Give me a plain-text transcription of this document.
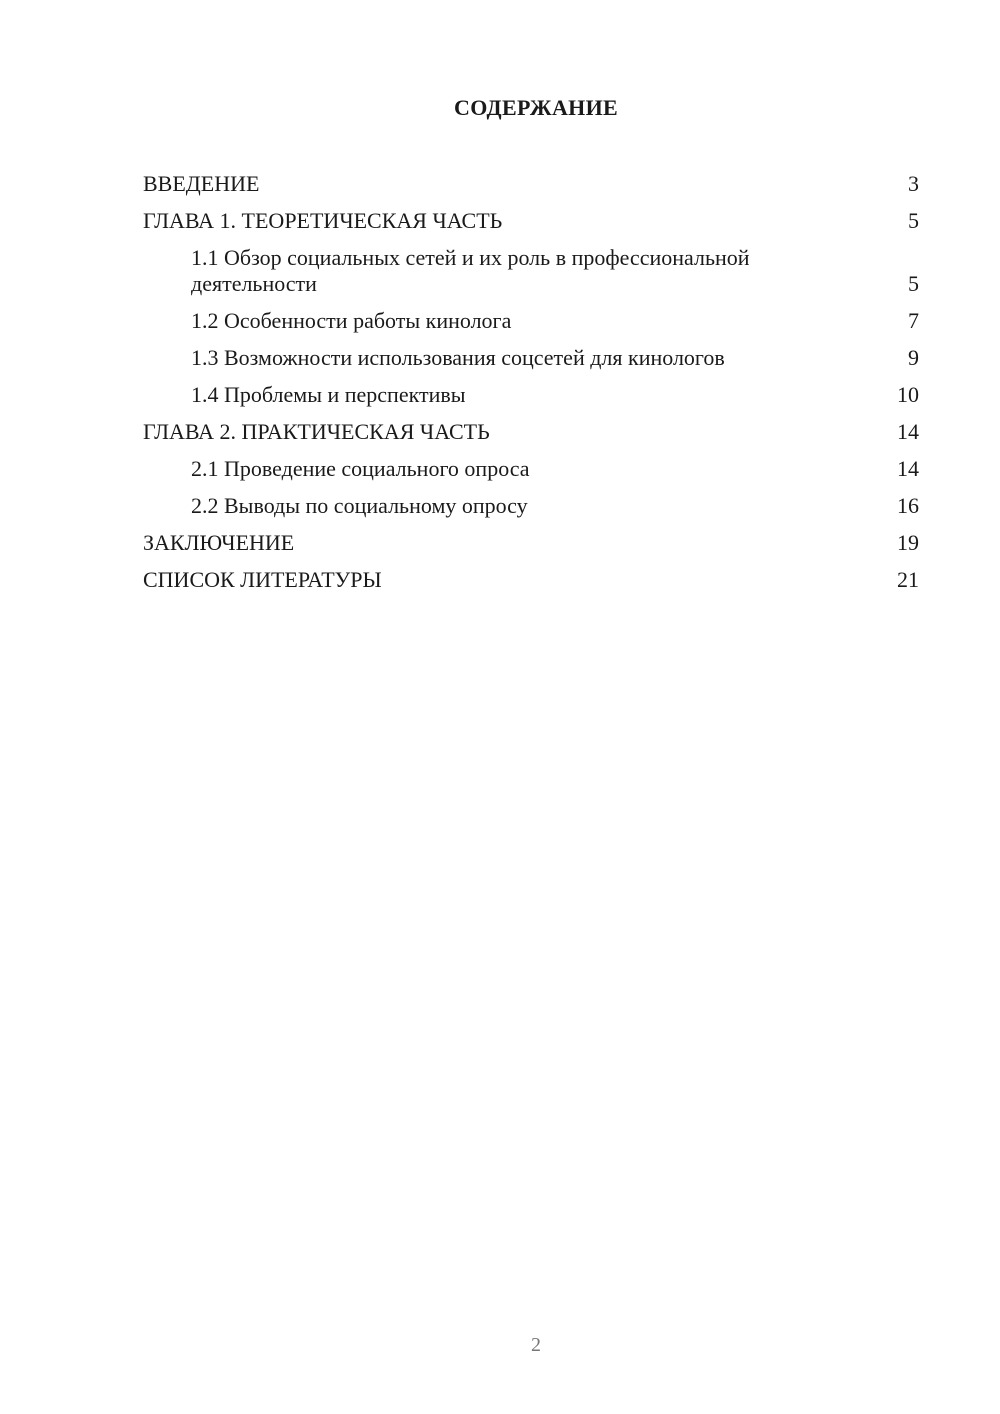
СОДЕРЖАНИЕ
ВВЕДЕНИЕ	3
ГЛАВА 1. ТЕОРЕТИЧЕСКАЯ ЧАСТЬ	5
1.1 Обзор социальных сетей и их роль в профессиональной деятельности	5
1.2 Особенности работы кинолога	7
1.3 Возможности использования соцсетей для кинологов	9
1.4 Проблемы и перспективы	10
ГЛАВА 2. ПРАКТИЧЕСКАЯ ЧАСТЬ	14
2.1 Проведение социального опроса	14
2.2 Выводы по социальному опросу	16
ЗАКЛЮЧЕНИЕ	19
СПИСОК ЛИТЕРАТУРЫ	21
2
